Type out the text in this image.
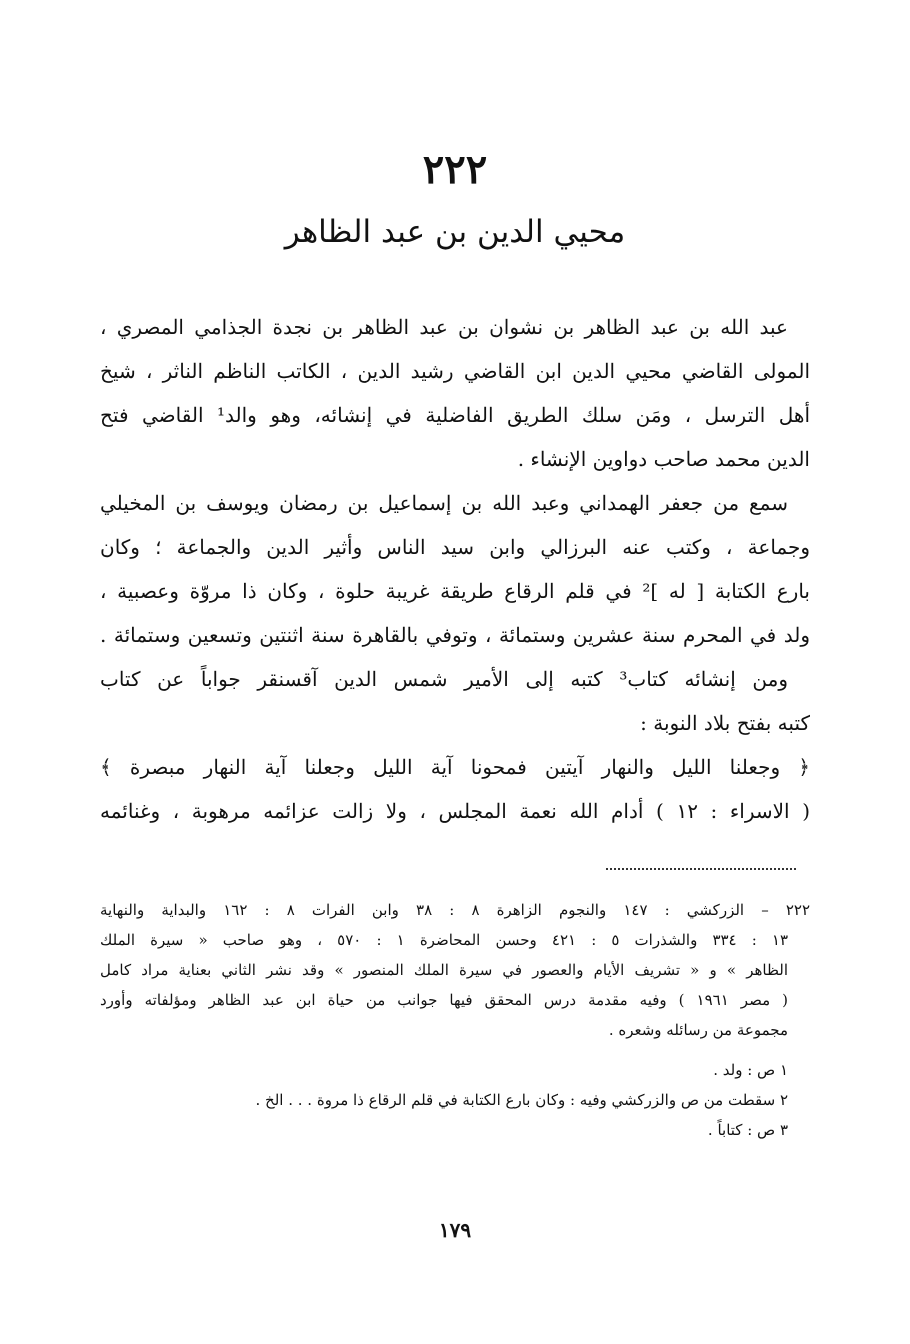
٢٢٢
محيي الدين بن عبد الظاهر
عبد الله بن عبد الظاهر بن نشوان بن عبد الظاهر بن نجدة الجذامي المصري ،
المولى القاضي محيي الدين ابن القاضي رشيد الدين ، الكاتب الناظم الناثر ، شيخ
أهل الترسل ، ومَن سلك الطريق الفاضلية في إنشائه، وهو والد¹ القاضي فتح
الدين محمد صاحب دواوين الإنشاء .
سمع من جعفر الهمداني وعبد الله بن إسماعيل بن رمضان ويوسف بن المخيلي
وجماعة ، وكتب عنه البرزالي وابن سيد الناس وأثير الدين والجماعة ؛ وكان
بارع الكتابة [ له ]² في قلم الرقاع طريقة غريبة حلوة ، وكان ذا مروّة وعصبية ،
ولد في المحرم سنة عشرين وستمائة ، وتوفي بالقاهرة سنة اثنتين وتسعين وستمائة .
ومن إنشائه كتاب³ كتبه إلى الأمير شمس الدين آقسنقر جواباً عن كتاب
كتبه بفتح بلاد النوبة :
﴿ وجعلنا الليل والنهار آيتين فمحونا آية الليل وجعلنا آية النهار مبصرة ﴾
( الاسراء : ١٢ ) أدام الله نعمة المجلس ، ولا زالت عزائمه مرهوبة ، وغنائمه
٢٢٢ – الزركشي : ١٤٧ والنجوم الزاهرة ٨ : ٣٨ وابن الفرات ٨ : ١٦٢ والبداية والنهاية
١٣ : ٣٣٤ والشذرات ٥ : ٤٢١ وحسن المحاضرة ١ : ٥٧٠ ، وهو صاحب « سيرة الملك
الظاهر » و « تشريف الأيام والعصور في سيرة الملك المنصور » وقد نشر الثاني بعناية مراد كامل
( مصر ١٩٦١ ) وفيه مقدمة درس المحقق فيها جوانب من حياة ابن عبد الظاهر ومؤلفاته وأورد
مجموعة من رسائله وشعره .
١ ص : ولد .
٢ سقطت من ص والزركشي وفيه : وكان بارع الكتابة في قلم الرقاع ذا مروة . . . الخ .
٣ ص : كتاباً .
١٧٩
